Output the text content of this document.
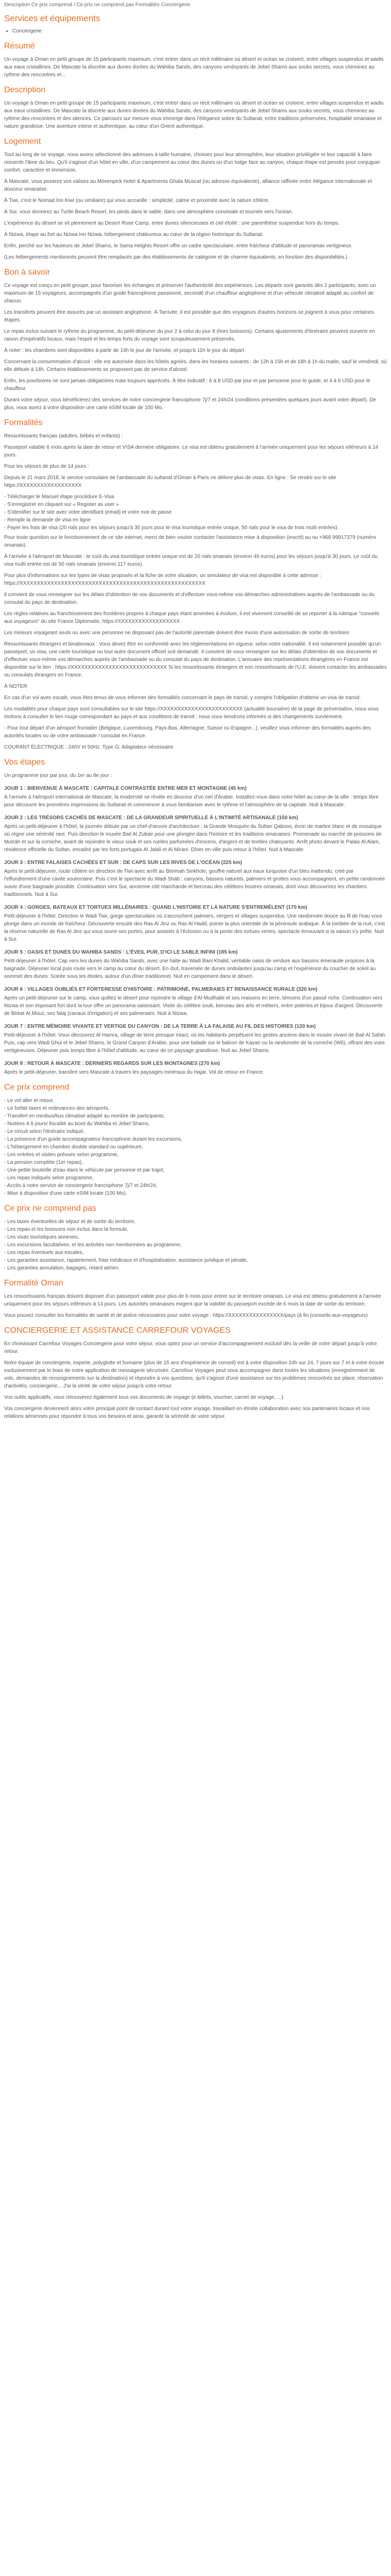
Description Ce prix comprend / Ce prix ne comprend pas Formalités Conciergerie
Services et équipements
• Conciergerie
Résumé

Un voyage à Oman en petit groupe de 15 participants maximum, c'est entrer dans un récit millénaire où désert et océan se croisent, entre villages suspendus et wadis aux eaux cristallines. De Mascate la discrète aux dunes dorées du Wahiba Sands, des canyons verdoyants de Jebel Shams aux souks secrets, vous cheminez au rythme des rencontres et...

Description

Un voyage à Oman en petit groupe de 15 participants maximum, c'est entrer dans un récit millénaire où désert et océan se croisent, entre villages suspendus et wadis aux eaux cristallines. De Mascate la discrète aux dunes dorées du Wahiba Sands, des canyons verdoyants de Jebel Shams aux souks secrets, vous cheminez au rythme des rencontres et des silences. Ce parcours sur mesure vous immerge dans l'élégance sobre du Sultanat, entre traditions préservées, hospitalité omanaise et nature grandiose. Une aventure intime et authentique, au cœur d'un Orient authentique.

Logement

Tout au long de ce voyage, nous avons sélectionné des adresses à taille humaine, choisies pour leur atmosphère, leur situation privilégiée et leur capacité à faire ressentir l'âme du lieu. Qu'il s'agisse d'un hôtel en ville, d'un campement au cœur des dunes ou d'un lodge face au canyon, chaque étape est pensée pour conjuguer confort, caractère et immersion.

À Mascate, vous poserez vos valises au Mövenpick Hotel & Apartments Ghala Muscat (ou adresse équivalente), alliance raffinée entre élégance internationale et douceur omanaise.

À Tiwi, c'est le Nomad Inn Kiwi (ou similaire) qui vous accueille : simplicité, calme et proximité avec la nature côtière.

À Sur, vous dormirez au Turtle Beach Resort, les pieds dans le sable, dans une atmosphère conviviale et tournée vers l'océan.

L'expérience du désert se vit pleinement au Desert Rose Camp, entre dunes silencieuses et ciel étoilé : une parenthèse suspendue hors du temps.

À Nizwa, étape au fort au Nizwa Inn Nizwa, hébergement chaleureux au cœur de la région historique du Sultanat.

Enfin, perché sur les hauteurs de Jebel Shams, le Sama Heights Resort offre un cadre spectaculaire, entre fraîcheur d'altitude et panoramas vertigineux.

(Les hébergements mentionnés peuvent être remplacés par des établissements de catégorie et de charme équivalents, en fonction des disponibilités.)

Bon à savoir

Ce voyage est conçu en petit groupe, pour favoriser les échanges et préserver l'authenticité des expériences. Les départs sont garantis dès 2 participants, avec un maximum de 15 voyageurs, accompagnés d'un guide francophone passionné, secondé d'un chauffeur-anglophone et d'un véhicule climatisé adapté au confort de chacun.

Les transferts peuvent être assurés par un assistant anglophone. À Tarrivée, il est possible que des voyageurs d'autres horizons se joignent à vous pour certaines étapes.

Le repas inclus suivant le rythme du programme, du petit-déjeuner du jour 2 à celui du jour 8 (hors boissons). Certains ajustements d'itinéraire peuvent survenir en raison d'impératifs locaux, mais l'esprit et les temps forts du voyage sont scrupuleusement préservés.

À noter : les chambres sont disponibles à partir de 14h le jour de l'arrivée, et jusqu'à 11h le jour du départ.

Concernant la consommation d'alcool : elle est autorisée dans les hôtels agréés, dans les horaires suivants : de 12h à 15h et de 18h à 1h du matin, sauf le vendredi, où elle débute à 14h. Certains établissements se proposent pas de service d'alcool.

Enfin, les pourboires ne sont jamais obligatoires mais toujours appréciés. À titre indicatif : 6 à 8 USD par jour et par personne pour le guide, et 4 à 6 USD pour le chauffeur.

Durant votre séjour, vous bénéficierez des services de notre conciergerie francophone 7j/7 et 24h/24 (conditions présentées quelques jours avant votre départ). De plus, vous aurez à votre disposition une carte eSIM locale de 100 Mo.

Formalités

Ressortissants français (adultes, bébés et enfants) :

Passeport valable 6 mois après la date de retour et VISA dernière obligatoire. Le visa est obtenu gratuitement à l'arrivée uniquement pour les séjours inférieurs à 14 jours.

Pour les séjours de plus de 14 jours :

Depuis le 21 mars 2018, le service consulaire de l'ambassade du sultanat d'Oman à Paris ne délivre plus de visas. En ligne : Se rendre sur le site https://XXXXXXXXXXXXXXXXXX

- Télécharger le Manuel étape procédure E-Visa
- S'enregistrer en cliquant sur « Register as user »
- S'identifier sur le site avec votre identifiant (email) et votre mot de passe
- Remplir la demande de visa en ligne
- Payer les frais de visa (20 rials pour les séjours jusqu'à 30 jours pour le visa touristique entrée unique, 50 rials pour le visa de trois multi entrées).

Pour toute question sur le fonctionnement de ce site internet, merci de bien vouloir contacter l'assistance mise à disposition (inscrit) au ou +968 99917379 (numéro omanais).

À l'arrivée à l'aéroport de Mascate : le coût du visa touristique entrée unique est de 20 rials omanais (environ 46 euros) pour les séjours jusqu'à 30 jours. Le coût du visa multi entrée est de 50 rials omanais (environ 117 euros).

Pour plus d'informations sur les types de visas proposés et la fiche de votre situation, un simulateur de visa est disponible à cette adresse : https://XXXXXXXXXXXXXXXXXXXXXXXXXXXXXXXXXXXXXXXXXXXXXXXXXXXXXX

Il convient de vous renseigner sur les délais d'obtention de vos documents et d'effectuer vous-même vos démarches administratives auprès de l'ambassade ou du consulat du pays de destination.

Les règles relatives au franchissement des frontières propres à chaque pays étant amenées à évoluer, il est vivement conseillé de se reporter à la rubrique "conseils aux voyageurs" du site France Diplomatie, https://XXXXXXXXXXXXXXXXXX

Les mineurs voyageant seuls ou avec une personne ne disposant pas de l'autorité parentale doivent être munis d'une autorisation de sortie de territoire.

Ressortissants étrangers et binationaux : Vous devez être en conformité avec les réglementations en vigueur, selon votre nationalité. Il est notamment possible qu'un passeport, un visa, une carte touristique ou tout autre document officiel soit demandé. Il convient de vous renseigner sur les délais d'obtention de vos documents et d'effectuer vous-même vos démarches auprès de l'ambassade ou du consulat du pays de destination. L'annuaire des représentations étrangères en France est disponible sur le lien : https://XXXXXXXXXXXXXXXXXXXXXXXXXXXX Si les ressortissants étrangers et non ressortissants de l'U.E. doivent contacter les ambassades ou consulats étrangers en France.

À NOTER

En cas d'un vol avec escale, vous êtes tenus de vous informer des formalités concernant le pays de transit, y compris l'obligation d'obtenir un visa de transit.

Les modalités pour chaque pays sont consultables sur le site https://XXXXXXXXXXXXXXXXXXXXXXXX (actualité boursière) de la page de présentation, nous vous invitons à consulter le lien rouge correspondant au pays et aux conditions de transit ; nous vous tiendrons informés si des changements surviennent.

- Pour tout départ d'un aéroport frontalier (Belgique, Luxembourg, Pays-Bas, Allemagne, Suisse ou Espagne...), veuillez vous informer des formalités auprès des autorités locales ou de votre ambassade / consulat en France.

COURANT ÉLECTRIQUE : 240V et 50Hz. Type G. Adaptateur nécessaire.

Vos étapes

Un programme jour par jour, du 1er au 8e jour :

JOUR 1 : BIENVENUE À MASCATE : CAPITALE CONTRASTÉE ENTRE MER ET MONTAGNE (45 km)

À l'arrivée à l'aéroport international de Mascate, la modernité se révèle en douceur d'un ciel d'Arabie. Installez-vous dans votre hôtel au cœur de la ville : temps libre pour découvrir les premières impressions du Sultanat et commencer à vous familiariser avec le rythme et l'atmosphère de la capitale. Nuit à Mascate.

JOUR 2 : LES TRÉSORS CACHÉS DE MASCATE : DE LA GRANDEUR SPIRITUELLE À L'INTIMITÉ ARTISANALE (150 km)

Après un petit-déjeuner à l'hôtel, la journée débute par un chef-d'œuvre d'architecture : la Grande Mosquée du Sultan Qaboos, écrin de marbre blanc et de mosaïque où règne une sérénité rare. Puis direction le musée Bait Al Zubair pour une plongée dans l'histoire et les traditions omanaises. Promenade au marché de poissons de Mutrah et sur la corniche, avant de rejoindre le vieux souk et ses ruelles parfumées d'encens, d'argent et de textiles chatoyants. Arrêt photo devant le Palais Al Alam, résidence officielle du Sultan, encadré par les forts portugais Al Jalali et Al Mirani. Dîner en ville puis retour à l'hôtel. Nuit à Mascate.

JOUR 3 : ENTRE FALAISES CACHÉES ET SUR : DE CAPS SUR LES RIVES DE L'OCÉAN (225 km)

Après le petit-déjeuner, route côtière en direction de Tiwi avec arrêt au Bimmah Sinkhole, gouffre naturel aux eaux turquoise d'un bleu inattendu, créé par l'effondrement d'une cavité souterraine. Puis c'est le spectacle du Wadi Shab : canyons, bassins naturels, palmiers et grottes vous accompagnent, en petite randonnée suivie d'une baignade possible. Continuation vers Sur, ancienne cité marchande et berceau des célèbres boutres omanais, dont vous découvrirez les chantiers traditionnels. Nuit à Sur.

JOUR 4 : GORGES, BATEAUX ET TORTUES MILLÉNAIRES : QUAND L'HISTOIRE ET LA NATURE S'ENTREMÊLENT (170 km)

Petit-déjeuner à l'hôtel. Direction le Wadi Tiwi, gorge spectaculaire où s'accrochent palmiers, vergers et villages suspendus. Une randonnée douce au fil de l'eau vous plonge dans un monde de fraîcheur. Découverte ensuite des Ras Al Jinz ou Ras Al Hadd, pointe la plus orientale de la péninsule arabique. À la tombée de la nuit, c'est la réserve naturelle de Ras Al Jinz qui vous ouvre ses portes, pour assister à l'éclosion ou à la ponte des tortues vertes, spectacle émouvant si la saison s'y prête. Nuit à Sur.

JOUR 5 : OASIS ET DUNES DU WAHIBA SANDS : L'ÉVEIL PUR, D'ICI LE SABLE INFINI (185 km)

Petit-déjeuner à l'hôtel. Cap vers les dunes du Wahiba Sands, avec une halte au Wadi Bani Khalid, véritable oasis de verdure aux bassins émeraude propices à la baignade. Déjeuner local puis route vers le camp au cœur du désert. En 4x4, traversée de dunes ondulantes jusqu'au camp et l'expérience du coucher de soleil au sommet des dunes. Soirée sous les étoiles, autour d'un dîner traditionnel. Nuit en campement dans le désert.

JOUR 6 : VILLAGES OUBLIÉS ET FORTERESSE D'HISTOIRE : PATRIMOINE, PALMERAIES ET RENAISSANCE RURALE (320 km)

Après un petit-déjeuner sur le camp, vous quittez le désert pour rejoindre le village d'Al Mudhaibi et ses maisons en terre, témoins d'un passé riche. Continuation vers Nizwa et son imposant fort dont la tour offre un panorama saisissant. Visite du célèbre souk, berceau des arts et métiers, entre poteries et bijoux d'argent. Découverte de Birkat Al Mouz, ses falaj (canaux d'irrigation) et ses palmeraies. Nuit à Nizwa.

JOUR 7 : ENTRE MÉMOIRE VIVANTE ET VERTIGE DU CANYON : DE LA TERRE À LA FALAISE AU FIL DES HISTOIRES (120 km)

Petit-déjeuner à l'hôtel. Vous découvrez Al Hamra, village de terre presque intact, où les habitants perpétuent les gestes anciens dans le musée vivant de Bait Al Safah. Puis, cap vers Wadi Ghul et le Jebel Shams, le Grand Canyon d'Arabie, pour une balade sur le balcon de Kayan ou la randonnée de la corniche (W6), offrant des vues vertigineuses. Déjeuner puis temps libre à l'hôtel d'altitude, au cœur de ce paysage grandiose. Nuit au Jebel Shams.

JOUR 8 : RETOUR À MASCATE : DERNIERS REGARDS SUR LES MONTAGNES (270 km)

Après le petit-déjeuner, transfert vers Mascate à travers les paysages minéraux du Hajar. Vol de retour en France.

Ce prix comprend
- Le vol aller et retour,
- Le forfait taxes et redevances des aéroports,
- Transfert en minibus/bus climatisé adapté au nombre de participants,
- Nuitées 4-5 jours/ fiscalité au bord du Wahiba et Jebel Shams,
- Le circuit selon l'itinéraire indiqué,
- La présence d'un guide accompagnateur francophone durant les excursions,
- L'hébergement en chambre double standard ou supérieure,
- Les entrées et visites prévues selon programme,
- La pension complète (1er repas),
- Une petite bouteille d'eau dans le véhicule par personne et par trajet,
- Les repas indiqués selon programme,
- Accès à notre service de conciergerie francophone 7j/7 et 24h/24,
- Mise à disposition d'une carte eSIM locale (100 Mo).
Ce prix ne comprend pas
- Les taxes éventuelles de séjour et de sortie du territoire,
- Les repas et les boissons non inclus dans la formule,
- Les visas touristiques annexes,
- Les excursions facultatives, et les activités non mentionnées au programme,
- Les repas éventuels aux escales,
- Les garanties assistance, rapatriement, frais médicaux et d'hospitalisation, assistance juridique et pénale,
- Les garanties annulation, bagages, retard aérien.
Formalité Oman

Les ressortissants français doivent disposer d'un passeport valide pour plus de 6 mois pour entrer sur le territoire omanais. Le visa est obtenu gratuitement à l'arrivée uniquement pour les séjours inférieurs à 14 jours. Les autorités omanaises exigent que la validité du passeport excède de 6 mois la date de sortie du territoire.

Vous pouvez consulter les formalités de santé et de police nécessaires pour votre voyage : https://XXXXXXXXXXXXXXXX/pays (à fin (conseils-aux-voyageurs)

CONCIERGERIE ET ASSISTANCE CARREFOUR VOYAGES

En choisissant Carrefour Voyages Conciergerie pour votre séjour, vous optez pour un service d'accompagnement exclusif dès la veille de votre départ jusqu'à votre retour.

Notre équipe de conciergerie, experte, polyglotte et humaine (plus de 15 ans d'expérience de conseil) est à votre disposition 24h sur 24, 7 jours sur 7 et à votre écoute exclusivement par le biais de notre application de messagerie sécurisée. Carrefour Voyages peut vous accompagner dans toutes les situations (enregistrement de vols, demandes de renseignements sur la destination) et répondre à vos questions, qu'il s'agisse d'une assistance sur les problèmes rencontrés sur place, réservation d'activités, conciergerie... J'ai la vérité de votre séjour jusqu'à votre retour.

Vos outils applicatifs, vous retrouverez également tous vos documents de voyage (e-billets, voucher, carnet de voyage, ...).

Vos conciergerie deviennent alors votre principal point de contact durant tout votre voyage, travaillant en étroite collaboration avec nos partenaires locaux et nos relations aériennes pour répondre à tous vos besoins et ainsi, garantir la sérénité de votre séjour.
